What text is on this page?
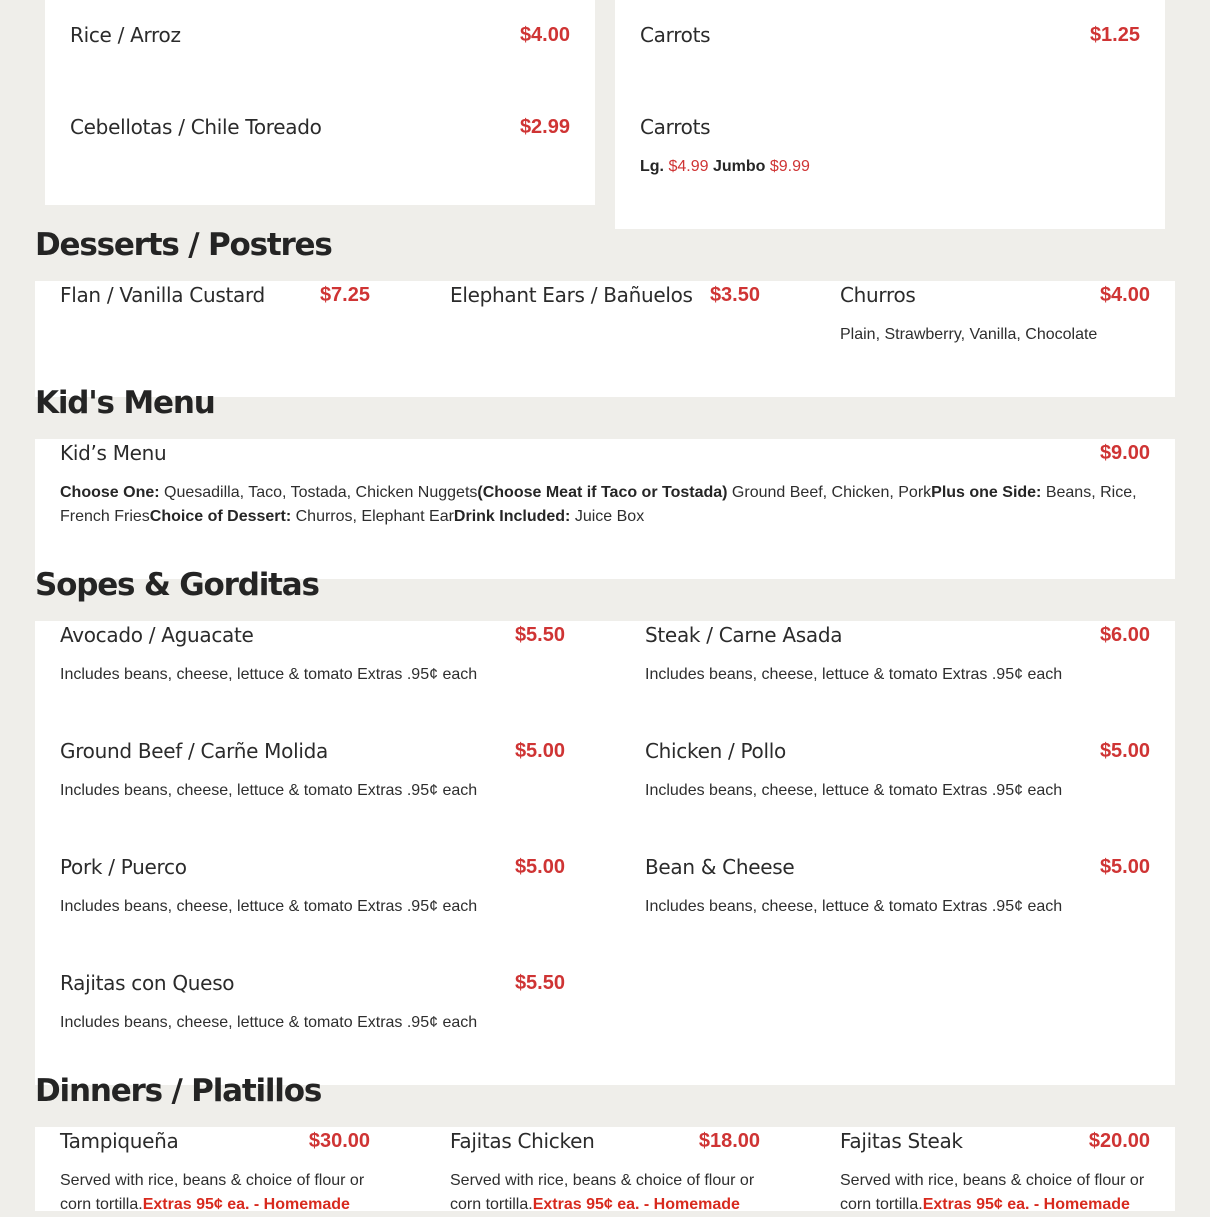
Rice / Arroz	$4.00
Cebellotas / Chile Toreado	$2.99
Carrots	$1.25
Carrots
Lg. $4.99 Jumbo $9.99
Desserts / Postres
Flan / Vanilla Custard	$7.25	Elephant Ears / Bañuelos $3.50	Churros	$4.00
Plain, Strawberry, Vanilla, Chocolate
Kid's Menu
Kid’s Menu	$9.00
Choose One: Quesadilla, Taco, Tostada, Chicken Nuggets(Choose Meat if Taco or Tostada) Ground Beef, Chicken, PorkPlus one Side: Beans, Rice, French FriesChoice of Dessert: Churros, Elephant EarDrink Included: Juice Box
Sopes & Gorditas
Avocado / Aguacate	$5.50
Includes beans, cheese, lettuce & tomato Extras .95¢ each
Steak / Carne Asada	$6.00
Includes beans, cheese, lettuce & tomato Extras .95¢ each
Ground Beef / Carñe Molida	$5.00
Includes beans, cheese, lettuce & tomato Extras .95¢ each
Chicken / Pollo	$5.00
Includes beans, cheese, lettuce & tomato Extras .95¢ each
Pork / Puerco	$5.00
Includes beans, cheese, lettuce & tomato Extras .95¢ each
Bean & Cheese	$5.00
Includes beans, cheese, lettuce & tomato Extras .95¢ each
Rajitas con Queso	$5.50
Includes beans, cheese, lettuce & tomato Extras .95¢ each
Dinners / Platillos
Tampiqueña	$30.00
Served with rice, beans & choice of flour or corn tortilla.Extras 95¢ ea. - Homemade
Fajitas Chicken	$18.00
Served with rice, beans & choice of flour or corn tortilla.Extras 95¢ ea. - Homemade
Fajitas Steak	$20.00
Served with rice, beans & choice of flour or corn tortilla.Extras 95¢ ea. - Homemade
